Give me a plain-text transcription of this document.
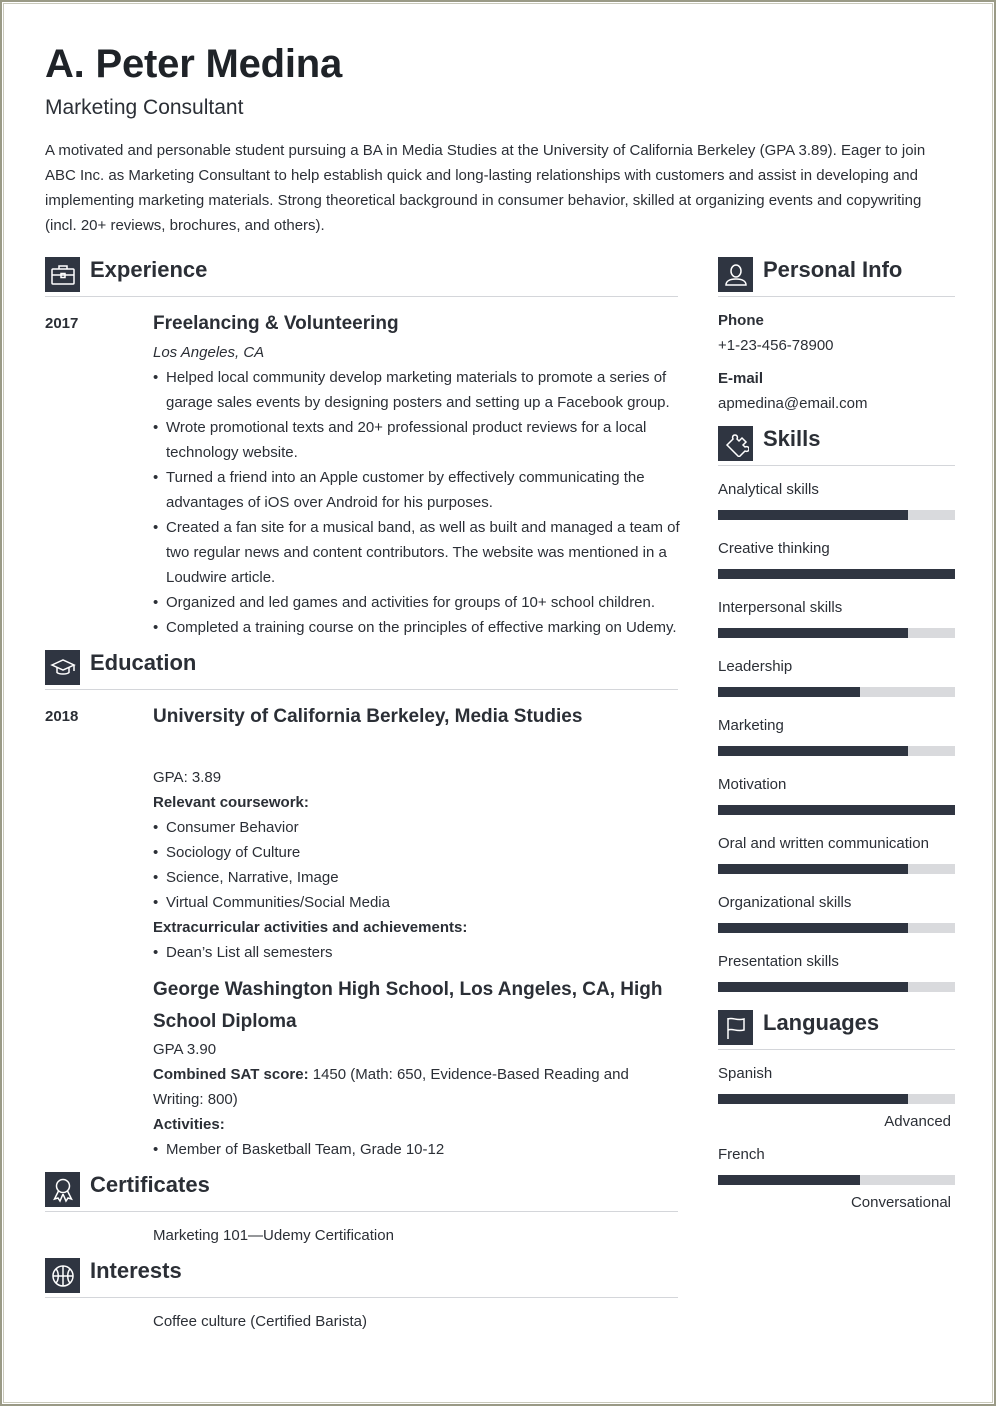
A. Peter Medina
Marketing Consultant
A motivated and personable student pursuing a BA in Media Studies at the University of California Berkeley (GPA 3.89). Eager to join ABC Inc. as Marketing Consultant to help establish quick and long-lasting relationships with customers and assist in developing and implementing marketing materials. Strong theoretical background in consumer behavior, skilled at organizing events and copywriting (incl. 20+ reviews, brochures, and others).
Experience
2017	Freelancing & Volunteering
Los Angeles, CA
• Helped local community develop marketing materials to promote a series of garage sales events by designing posters and setting up a Facebook group.
• Wrote promotional texts and 20+ professional product reviews for a local technology website.
• Turned a friend into an Apple customer by effectively communicating the advantages of iOS over Android for his purposes.
• Created a fan site for a musical band, as well as built and managed a team of two regular news and content contributors. The website was mentioned in a Loudwire article.
• Organized and led games and activities for groups of 10+ school children.
• Completed a training course on the principles of effective marking on Udemy.
Education
2018	University of California Berkeley, Media Studies
GPA: 3.89
Relevant coursework:
• Consumer Behavior
• Sociology of Culture
• Science, Narrative, Image
• Virtual Communities/Social Media
Extracurricular activities and achievements:
• Dean’s List all semesters
George Washington High School, Los Angeles, CA, High School Diploma
GPA 3.90
Combined SAT score: 1450 (Math: 650, Evidence-Based Reading and Writing: 800)
Activities:
• Member of Basketball Team, Grade 10-12
Certificates
Marketing 101—Udemy Certification
Interests
Coffee culture (Certified Barista)
Personal Info
Phone
+1-23-456-78900
E-mail
apmedina@email.com
Skills
Analytical skills
Creative thinking
Interpersonal skills
Leadership
Marketing
Motivation
Oral and written communication
Organizational skills
Presentation skills
Languages
Spanish
Advanced
French
Conversational
